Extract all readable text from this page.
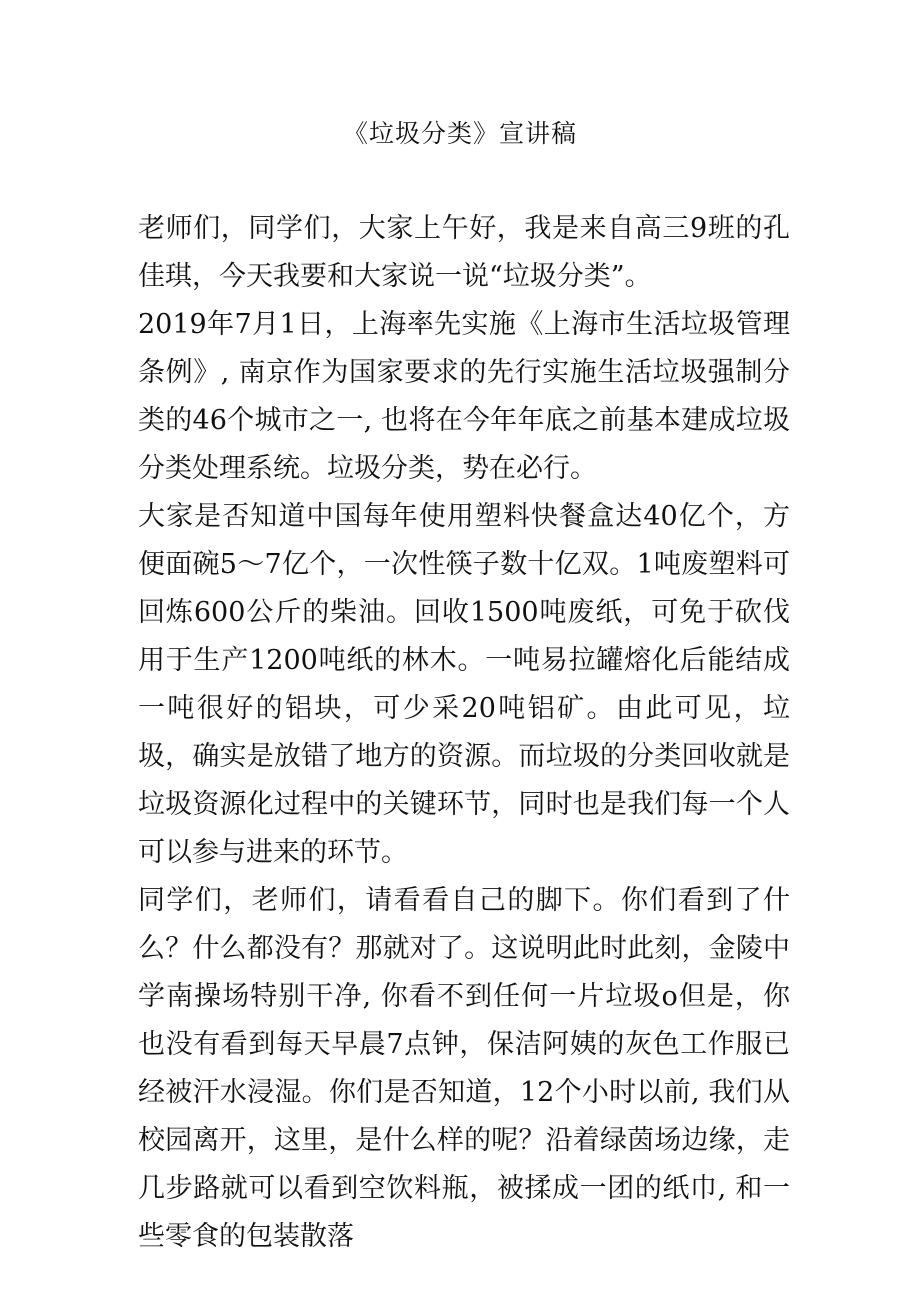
《垃圾分类》宣讲稿

老师们，同学们，大家上午好，我是来自高三9班的孔佳琪，今天我要和大家说一说“垃圾分类”。

2019年7月1日，上海率先实施《上海市生活垃圾管理条例》, 南京作为国家要求的先行实施生活垃圾强制分类的46个城市之一, 也将在今年年底之前基本建成垃圾分类处理系统。垃圾分类，势在必行。

大家是否知道中国每年使用塑料快餐盒达40亿个，方便面碗5～7亿个，一次性筷子数十亿双。1吨废塑料可回炼600公斤的柴油。回收1500吨废纸，可免于砍伐用于生产1200吨纸的林木。一吨易拉罐熔化后能结成一吨很好的铝块，可少采20吨铝矿。由此可见，垃圾，确实是放错了地方的资源。而垃圾的分类回收就是垃圾资源化过程中的关键环节，同时也是我们每一个人可以参与进来的环节。

同学们，老师们，请看看自己的脚下。你们看到了什么？什么都没有？那就对了。这说明此时此刻，金陵中学南操场特别干净, 你看不到任何一片垃圾o但是，你也没有看到每天早晨7点钟，保洁阿姨的灰色工作服已经被汗水浸湿。你们是否知道，12个小时以前, 我们从校园离开，这里，是什么样的呢？沿着绿茵场边缘，走几步路就可以看到空饮料瓶，被揉成一团的纸巾, 和一些零食的包装散落
